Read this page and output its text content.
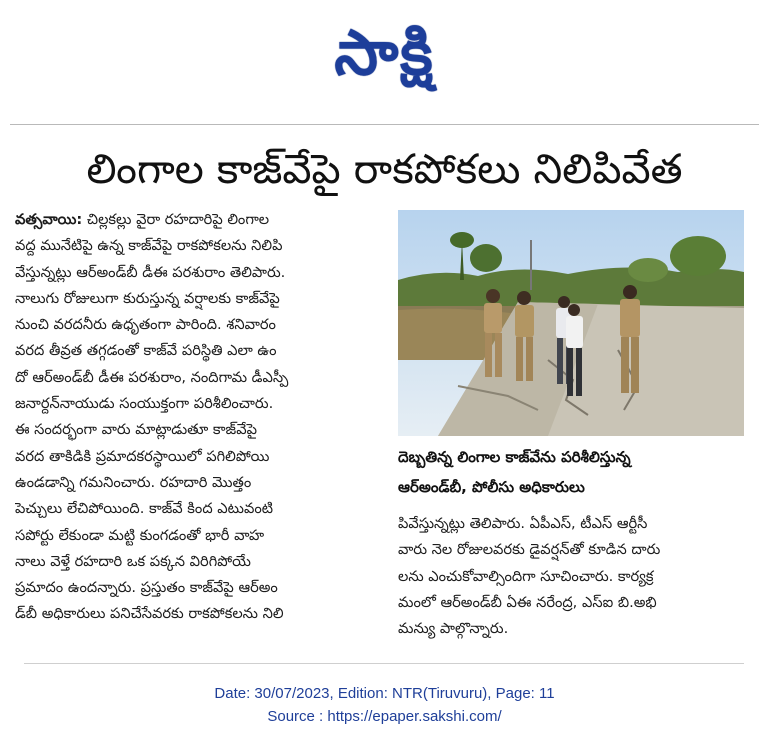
సాక్షి
లింగాల కాజ్‌వేపై రాకపోకలు నిలిపివేత

వత్సవాయి: చిల్లకల్లు వైరా రహదారిపై లింగాల

వద్ద మునేటిపై ఉన్న కాజ్‌వేపై రాకపోకలను నిలిపి

వేస్తున్నట్లు ఆర్‌అండ్‌బీ డీఈ పరశురాం తెలిపారు.

నాలుగు రోజులుగా కురుస్తున్న వర్షాలకు కాజ్‌వేపై

నుంచి వరదనీరు ఉధృతంగా పారింది. శనివారం

వరద తీవ్రత తగ్గడంతో కాజ్‌వే పరిస్థితి ఎలా ఉం

దో ఆర్‌అండ్‌బీ డీఈ పరశురాం, నందిగామ డీఎస్పీ

జనార్దన్‌నాయుడు సంయుక్తంగా పరిశీలించారు.

ఈ సందర్భంగా వారు మాట్లాడుతూ కాజ్‌వేపై

వరద తాకిడికి ప్రమాదకరస్థాయిలో పగిలిపోయి

ఉండడాన్ని గమనించారు. రహదారి మొత్తం

పెచ్చులు లేచిపోయింది. కాజ్‌వే కింద ఎటువంటి

సపోర్టు లేకుండా మట్టి కుంగడంతో భారీ వాహ

నాలు వెళ్తే రహదారి ఒక పక్కన విరిగిపోయే

ప్రమాదం ఉందన్నారు. ప్రస్తుతం కాజ్‌వేపై ఆర్‌అం

డ్‌బీ అధికారులు పనిచేసేవరకు రాకపోకలను నిలి

దెబ్బతిన్న లింగాల కాజ్‌వేను పరిశీలిస్తున్న

ఆర్‌అండ్‌బీ, పోలీసు అధికారులు

పివేస్తున్నట్లు తెలిపారు. ఏపీఎస్, టీఎస్ ఆర్టీసీ

వారు నెల రోజులవరకు డైవర్షన్‌తో కూడిన దారు

లను ఎంచుకోవాల్సిందిగా సూచించారు. కార్యక్ర

మంలో ఆర్‌అండ్‌బీ ఏఈ నరేంద్ర, ఎస్‌ఐ బి.అభి

మన్యు పాల్గొన్నారు.

Date: 30/07/2023, Edition: NTR(Tiruvuru), Page: 11
Source : https://epaper.sakshi.com/
